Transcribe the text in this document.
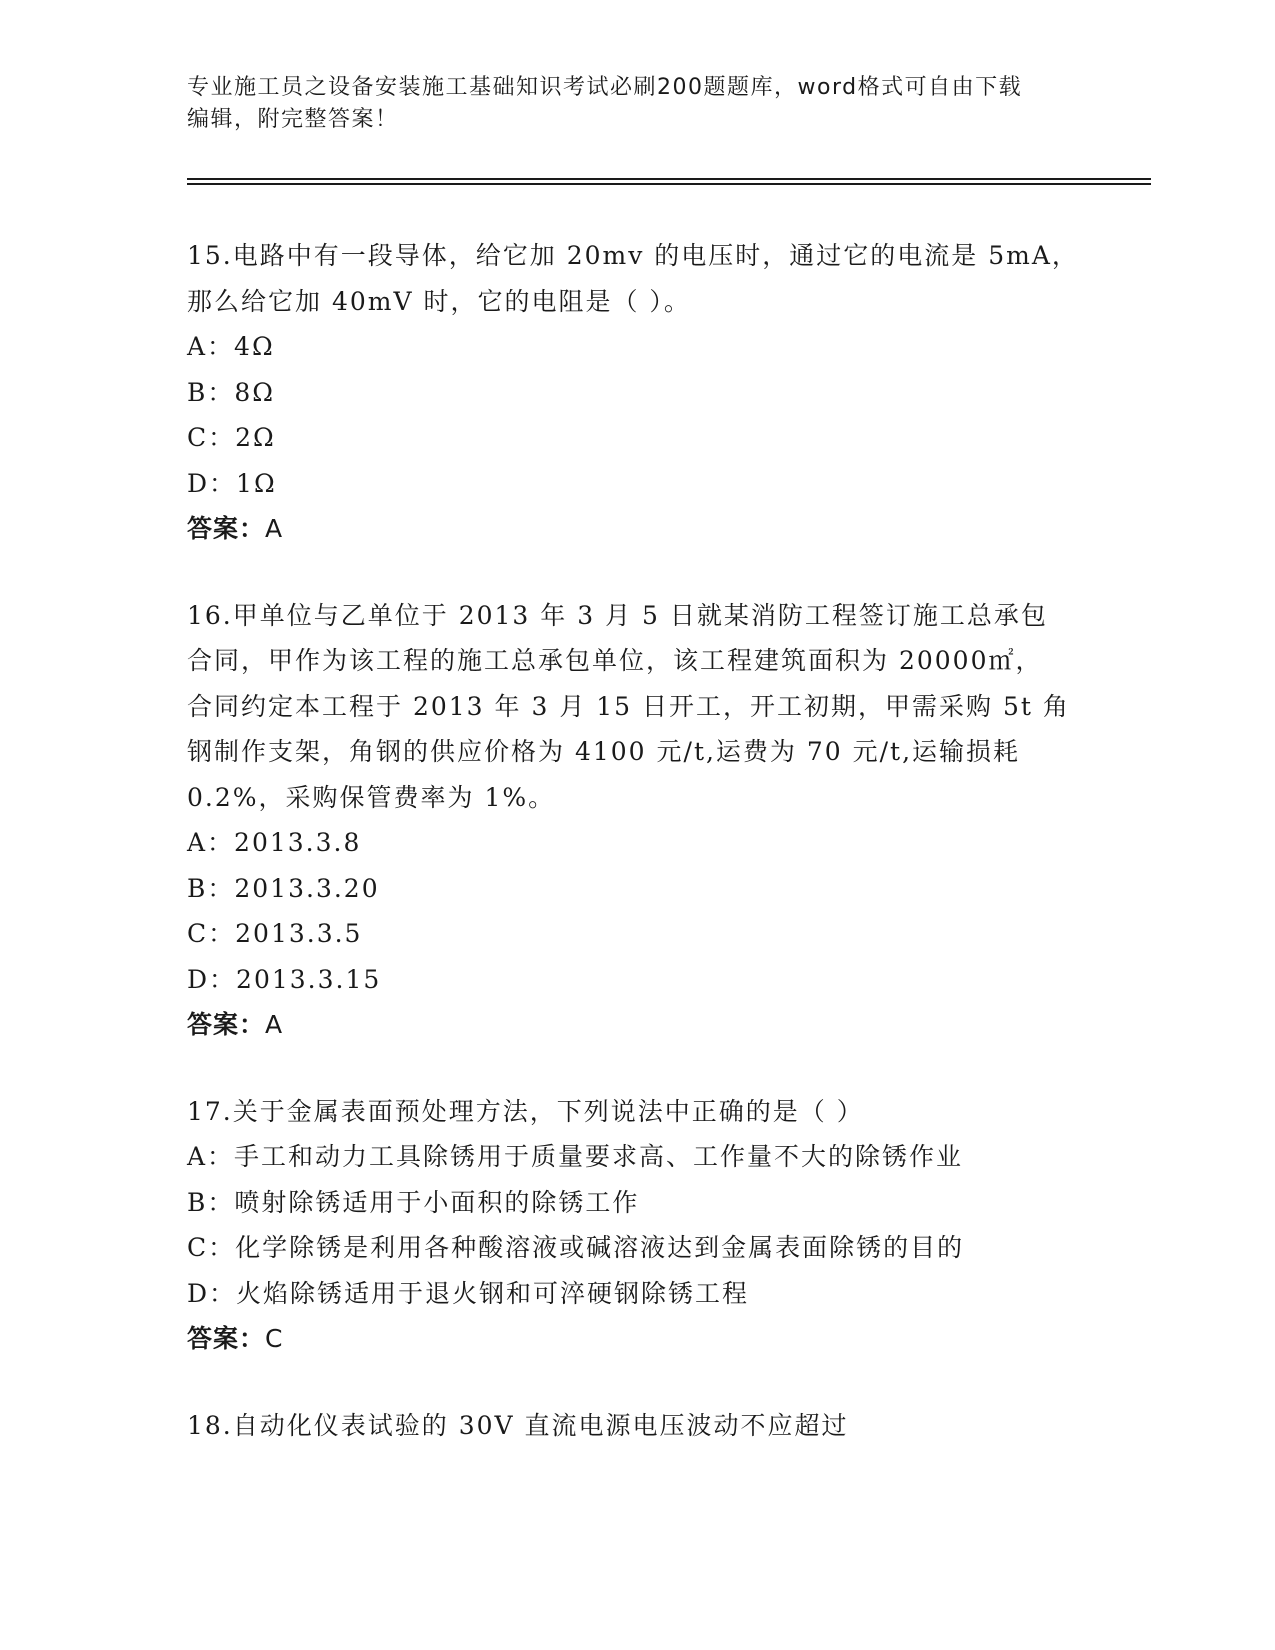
专业施工员之设备安装施工基础知识考试必刷200题题库，word格式可自由下载
编辑，附完整答案！
15.电路中有一段导体，给它加 20mv 的电压时，通过它的电流是 5mA，
那么给它加 40mV 时，它的电阻是（ ）。
A：4Ω
B：8Ω
C：2Ω
D：1Ω
答案：A
16.甲单位与乙单位于 2013 年 3 月 5 日就某消防工程签订施工总承包
合同，甲作为该工程的施工总承包单位，该工程建筑面积为 20000㎡，
合同约定本工程于 2013 年 3 月 15 日开工，开工初期，甲需采购 5t 角
钢制作支架，角钢的供应价格为 4100 元/t,运费为 70 元/t,运输损耗
0.2%，采购保管费率为 1%。
A：2013.3.8
B：2013.3.20
C：2013.3.5
D：2013.3.15
答案：A
17.关于金属表面预处理方法，下列说法中正确的是（ ）
A：手工和动力工具除锈用于质量要求高、工作量不大的除锈作业
B：喷射除锈适用于小面积的除锈工作
C：化学除锈是利用各种酸溶液或碱溶液达到金属表面除锈的目的
D：火焰除锈适用于退火钢和可淬硬钢除锈工程
答案：C
18.自动化仪表试验的 30V 直流电源电压波动不应超过
